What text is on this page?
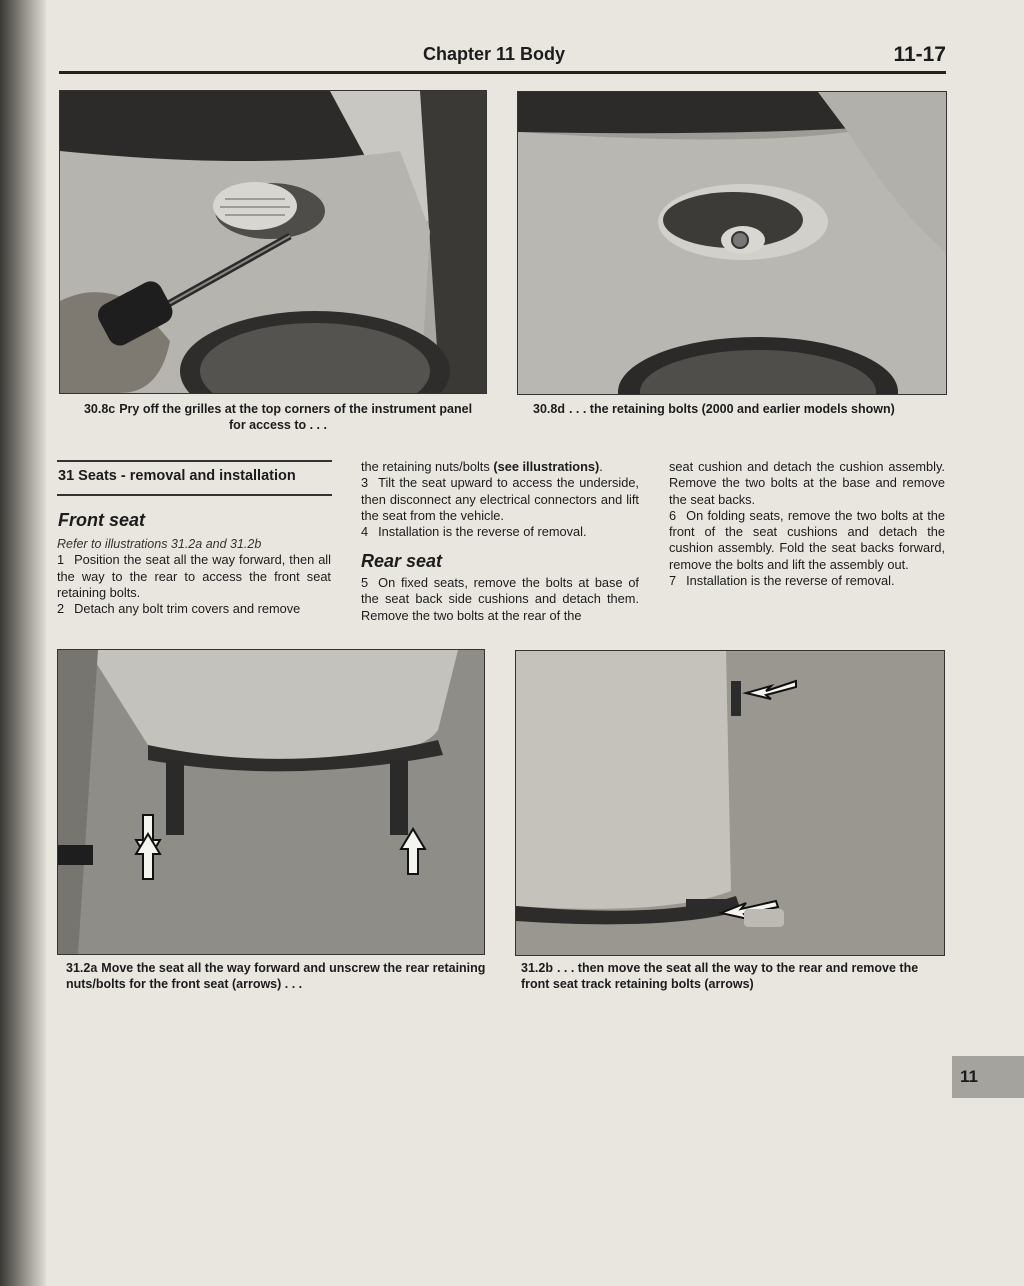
Chapter 11 Body	11-17
30.8c Pry off the grilles at the top corners of the instrument panel for access to . . .
30.8d . . . the retaining bolts (2000 and earlier models shown)
31 Seats - removal and installation
Front seat

Refer to illustrations 31.2a and 31.2b

1 Position the seat all the way forward, then all the way to the rear to access the front seat retaining bolts.

2 Detach any bolt trim covers and remove

the retaining nuts/bolts (see illustrations).

3 Tilt the seat upward to access the underside, then disconnect any electrical connectors and lift the seat from the vehicle.

4 Installation is the reverse of removal.

Rear seat

5 On fixed seats, remove the bolts at base of the seat back side cushions and detach them. Remove the two bolts at the rear of the

seat cushion and detach the cushion assembly. Remove the two bolts at the base and remove the seat backs.

6 On folding seats, remove the two bolts at the front of the seat cushions and detach the cushion assembly. Fold the seat backs forward, remove the bolts and lift the assembly out.

7 Installation is the reverse of removal.

31.2a Move the seat all the way forward and unscrew the rear retaining nuts/bolts for the front seat (arrows) . . .
31.2b . . . then move the seat all the way to the rear and remove the front seat track retaining bolts (arrows)
11
